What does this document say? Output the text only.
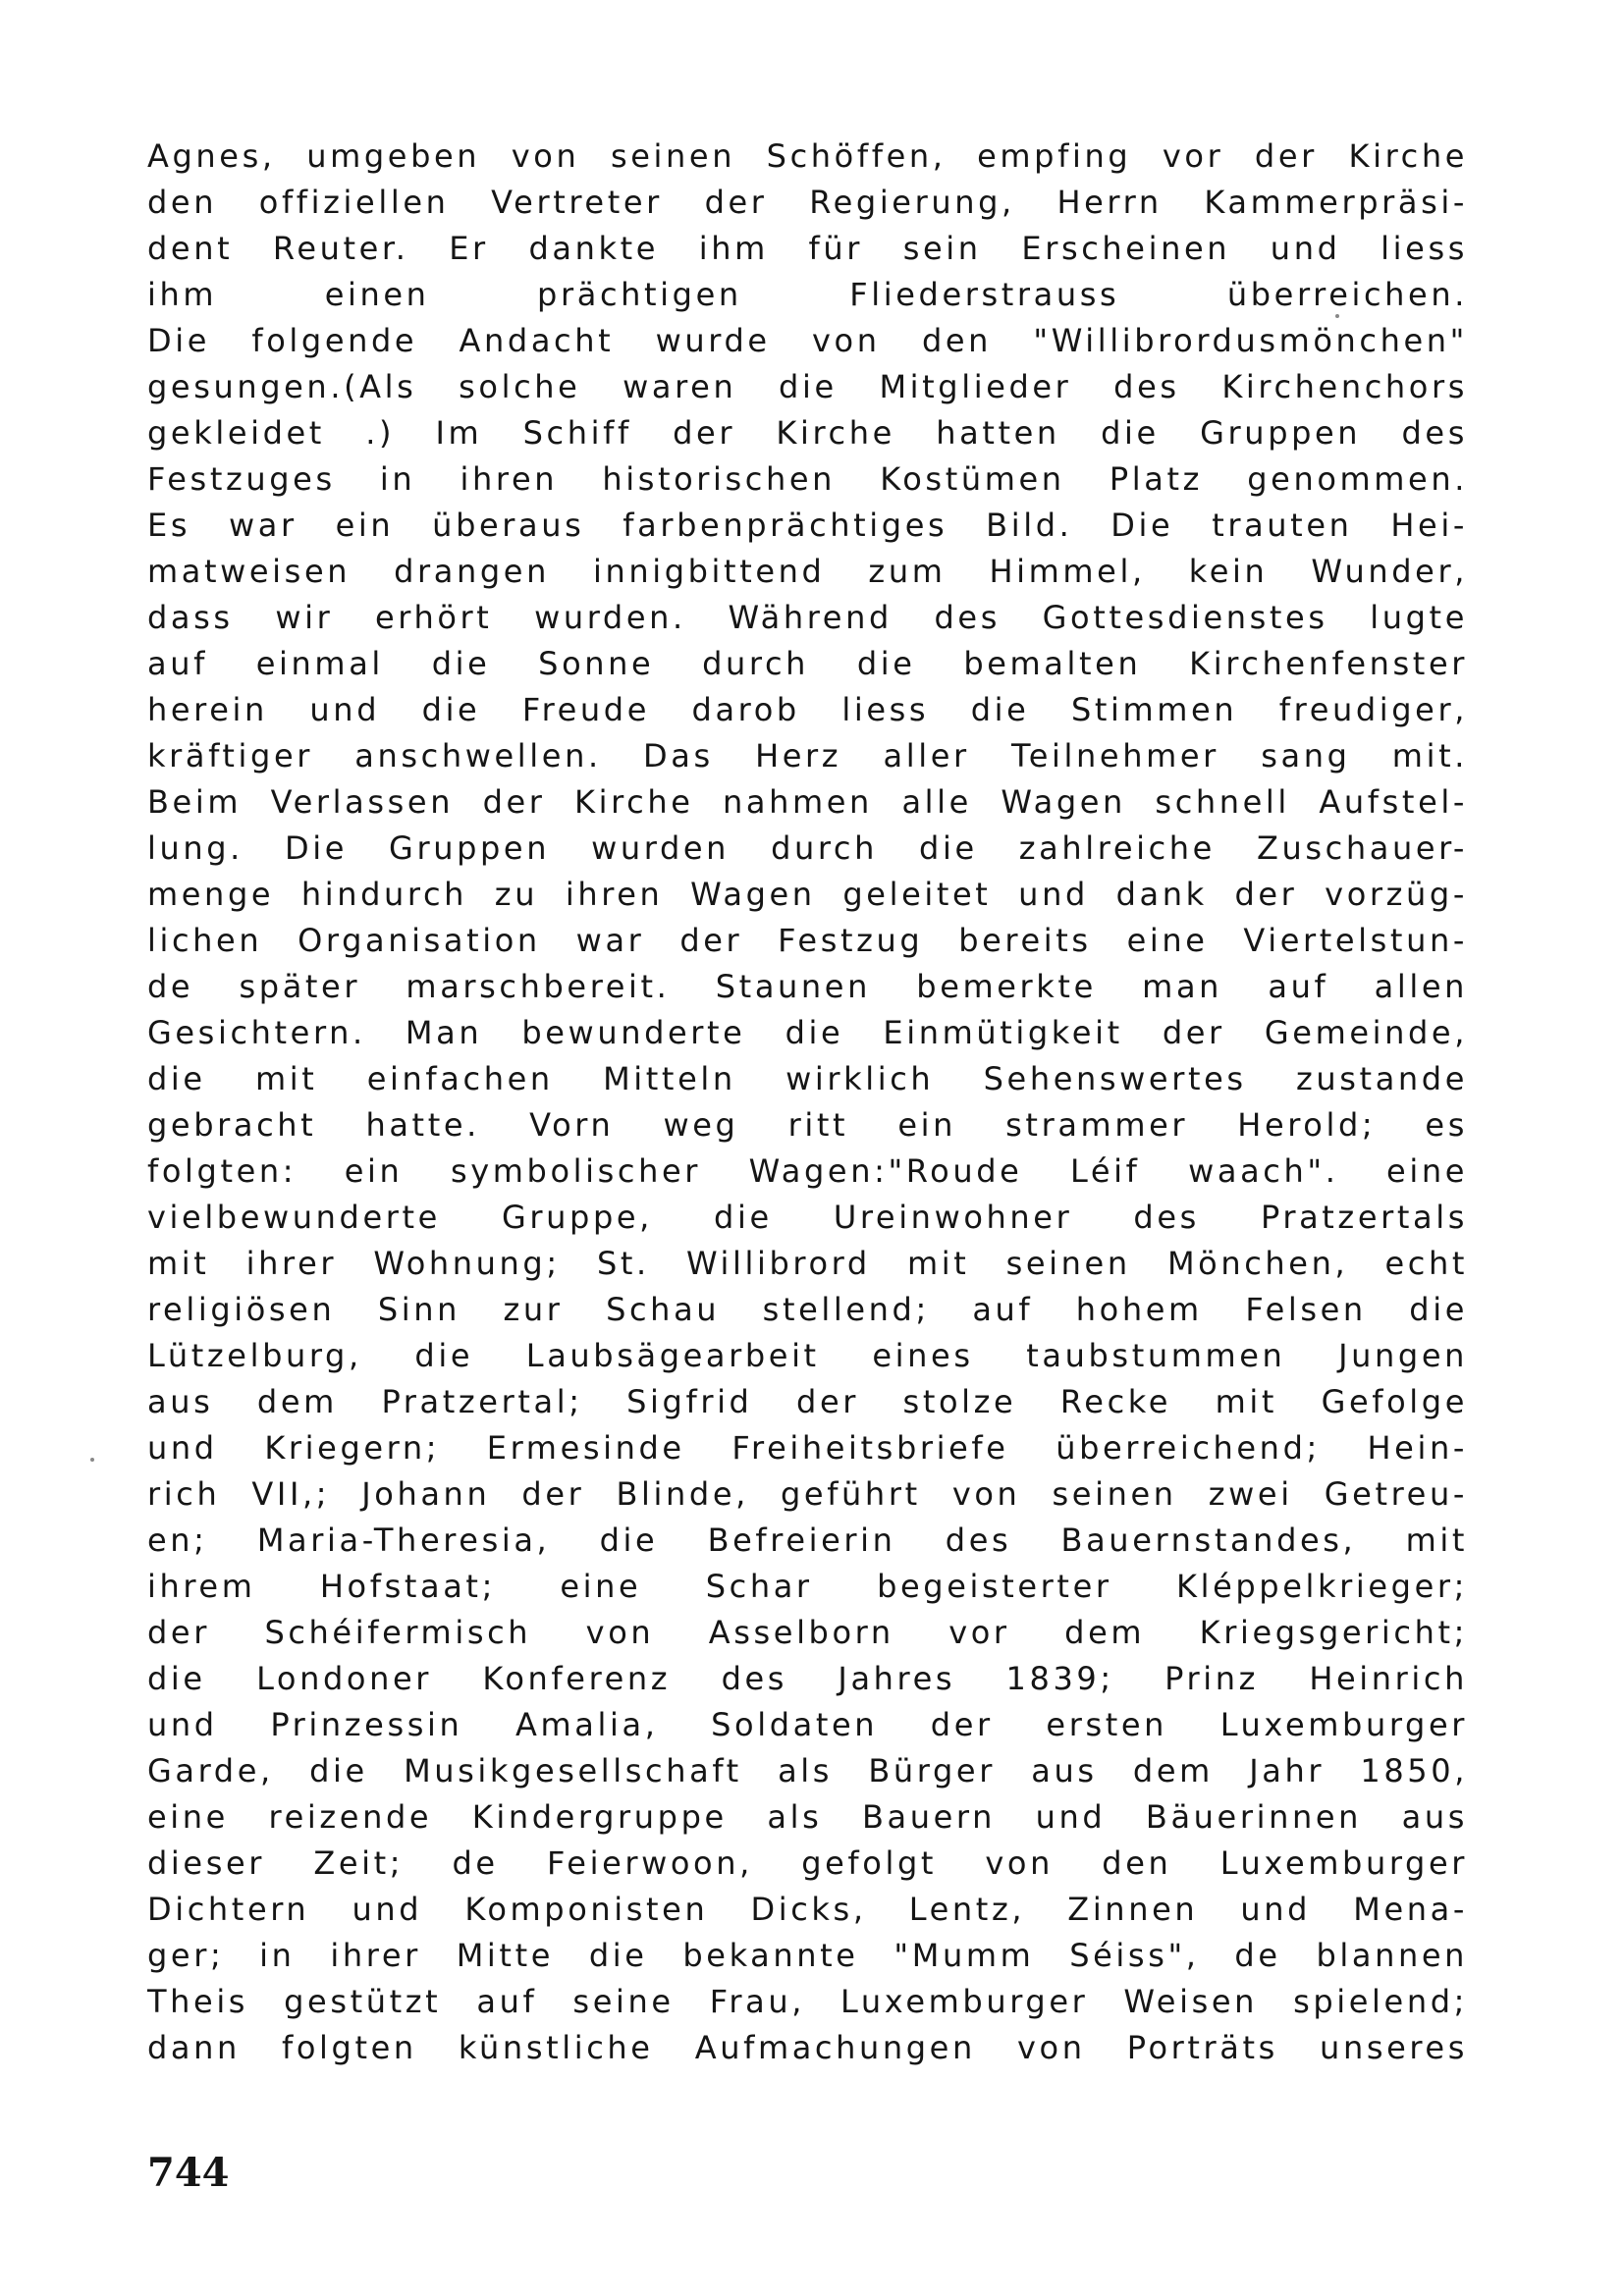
Agnes, umgeben von seinen Schöffen, empfing vor der Kirche
den offiziellen Vertreter der Regierung, Herrn Kammerpräsi-
dent Reuter. Er dankte ihm für sein Erscheinen und liess
ihm einen prächtigen Fliederstrauss überreichen.
Die folgende Andacht wurde von den "Willibrordusmönchen"
gesungen.(Als solche waren die Mitglieder des Kirchenchors
gekleidet .) Im Schiff der Kirche hatten die Gruppen des
Festzuges in ihren historischen Kostümen Platz genommen.
Es war ein überaus farbenprächtiges Bild. Die trauten Hei-
matweisen drangen innigbittend zum Himmel, kein Wunder,
dass wir erhört wurden. Während des Gottesdienstes lugte
auf einmal die Sonne durch die bemalten Kirchenfenster
herein und die Freude darob liess die Stimmen freudiger,
kräftiger anschwellen. Das Herz aller Teilnehmer sang mit.
Beim Verlassen der Kirche nahmen alle Wagen schnell Aufstel-
lung. Die Gruppen wurden durch die zahlreiche Zuschauer-
menge hindurch zu ihren Wagen geleitet und dank der vorzüg-
lichen Organisation war der Festzug bereits eine Viertelstun-
de später marschbereit. Staunen bemerkte man auf allen
Gesichtern. Man bewunderte die Einmütigkeit der Gemeinde,
die mit einfachen Mitteln wirklich Sehenswertes zustande
gebracht hatte. Vorn weg ritt ein strammer Herold; es
folgten: ein symbolischer Wagen:"Roude Léif waach". eine
vielbewunderte Gruppe, die Ureinwohner des Pratzertals
mit ihrer Wohnung; St. Willibrord mit seinen Mönchen, echt
religiösen Sinn zur Schau stellend; auf hohem Felsen die
Lützelburg, die Laubsägearbeit eines taubstummen Jungen
aus dem Pratzertal; Sigfrid der stolze Recke mit Gefolge
und Kriegern; Ermesinde Freiheitsbriefe überreichend; Hein-
rich VII,; Johann der Blinde, geführt von seinen zwei Getreu-
en; Maria-Theresia, die Befreierin des Bauernstandes, mit
ihrem Hofstaat; eine Schar begeisterter Kléppelkrieger;
der Schéifermisch von Asselborn vor dem Kriegsgericht;
die Londoner Konferenz des Jahres 1839; Prinz Heinrich
und Prinzessin Amalia, Soldaten der ersten Luxemburger
Garde, die Musikgesellschaft als Bürger aus dem Jahr 1850,
eine reizende Kindergruppe als Bauern und Bäuerinnen aus
dieser Zeit; de Feierwoon, gefolgt von den Luxemburger
Dichtern und Komponisten Dicks, Lentz, Zinnen und Mena-
ger; in ihrer Mitte die bekannte "Mumm Séiss", de blannen
Theis gestützt auf seine Frau, Luxemburger Weisen spielend;
dann folgten künstliche Aufmachungen von Porträts unseres
744
